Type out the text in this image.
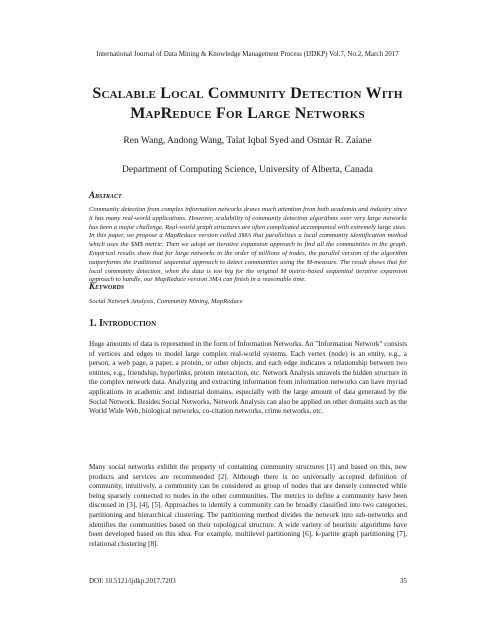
International Journal of Data Mining & Knowledge Management Process (IJDKP) Vol.7, No.2, March 2017
Scalable Local Community Detection With
MapReduce For Large Networks
Ren Wang, Andong Wang, Talat Iqbal Syed and Osmar R. Zaïane
Department of Computing Science, University of Alberta, Canada
Abstract

Community detection from complex information networks draws much attention from both academia and industry since it has many real-world applications. However, scalability of community detection algorithms over very large networks has been a major challenge. Real-world graph structures are often complicated accompanied with extremely large sizes. In this paper, we propose a MapReduce version called 3MA that parallelizes a local community identification method which uses the $M$ metric. Then we adopt an iterative expansion approach to find all the communities in the graph. Empirical results show that for large networks in the order of millions of nodes, the parallel version of the algorithm outperforms the traditional sequential approach to detect communities using the M-measure. The result shows that for local community detection, when the data is too big for the original M metric-based sequential iterative expansion approach to handle, our MapReduce version 3MA can finish in a reasonable time.

Keywords
Social Network Analysis, Community Mining, MapReduce
1. Introduction

Huge amounts of data is represented in the form of Information Networks. An "Information Network" consists of vertices and edges to model large complex real-world systems. Each vertex (node) is an entity, e.g., a person, a web page, a paper, a protein, or other objects, and each edge indicates a relationship between two entities, e.g., friendship, hyperlinks, protein interaction, etc. Network Analysis unravels the hidden structure in the complex network data. Analyzing and extracting information from information networks can have myriad applications in academic and industrial domains, especially with the large amount of data generated by the Social Network. Besides Social Networks, Network Analysis can also be applied on other domains such as the World Wide Web, biological networks, co-citation networks, crime networks, etc.

Many social networks exhibit the property of containing community structures [1] and based on this, new products and services are recommended [2]. Although there is no universally accepted definition of community, intuitively, a community can be considered as group of nodes that are densely connected while being sparsely connected to nodes in the other communities. The metrics to define a community have been discussed in [3], [4], [5]. Approaches to identify a community can be broadly classified into two categories, partitioning and hierarchical clustering. The partitioning method divides the network into sub-networks and identifies the communities based on their topological structure. A wide variety of heuristic algorithms have been developed based on this idea. For example, multilevel partitioning [6], k-partite graph partitioning [7], relational clustering [8].

DOI: 10.5121/ijdkp.2017.7203	35
